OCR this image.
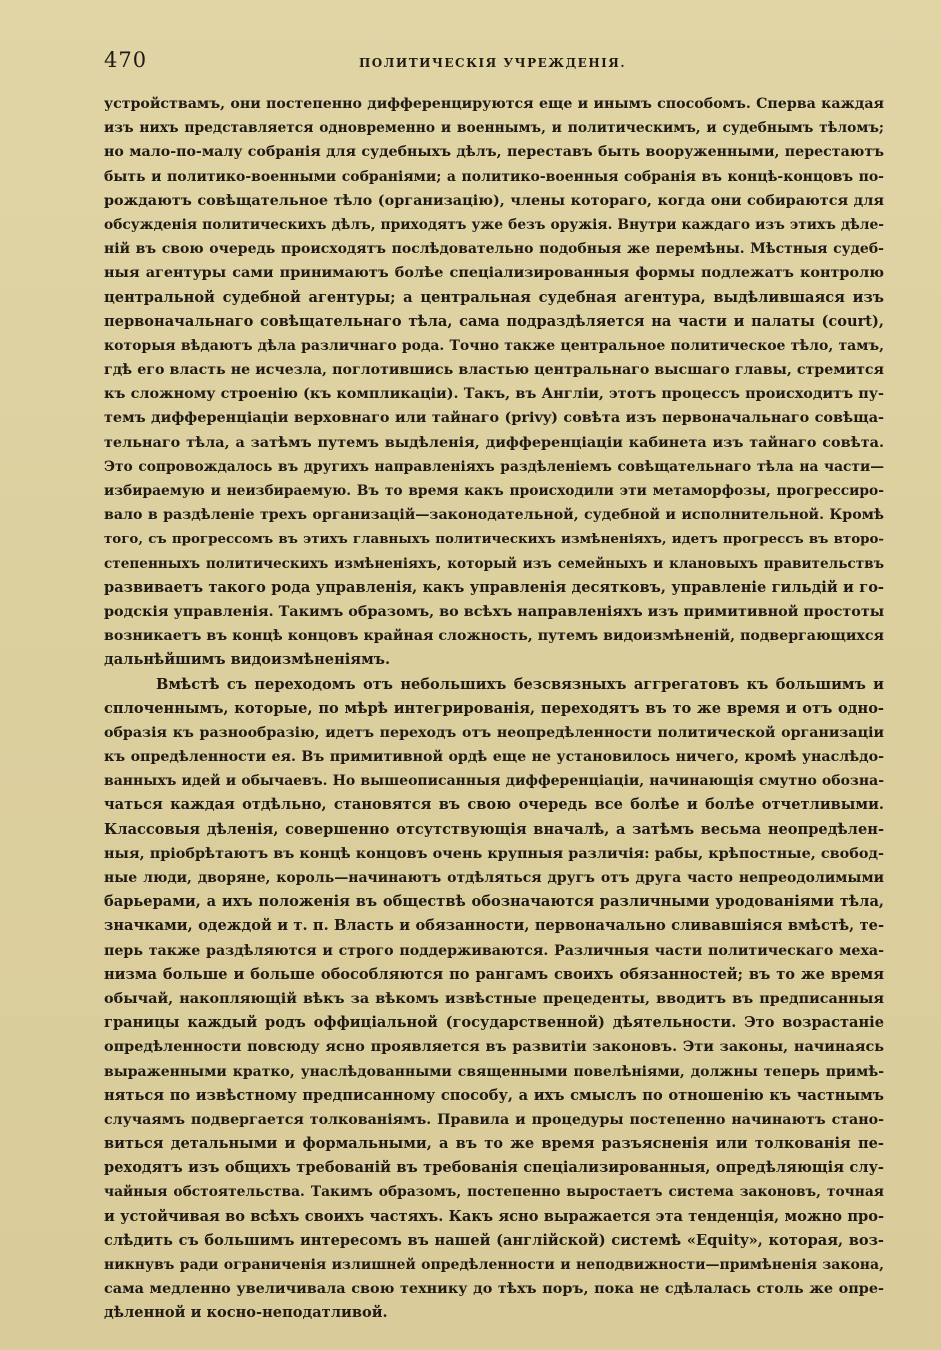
470	ПОЛИТИЧЕСКІЯ УЧРЕЖДЕНІЯ.
устройствамъ, они постепенно дифференцируются еще и инымъ способомъ. Сперва каждая
изъ нихъ представляется одновременно и военнымъ, и политическимъ, и судебнымъ тѣломъ;
но мало-по-малу собранія для судебныхъ дѣлъ, переставъ быть вооруженными, перестаютъ
быть и политико-военными собраніями; а политико-военныя собранія въ концѣ-концовъ по-
рождаютъ совѣщательное тѣло (организацію), члены котораго, когда они собираются для
обсужденія политическихъ дѣлъ, приходятъ уже безъ оружія. Внутри каждаго изъ этихъ дѣле-
ній въ свою очередь происходятъ послѣдовательно подобныя же перемѣны. Мѣстныя судеб-
ныя агентуры сами принимаютъ болѣе спеціализированныя формы подлежатъ контролю
центральной судебной агентуры; а центральная судебная агентура, выдѣлившаяся изъ
первоначальнаго совѣщательнаго тѣла, сама подраздѣляется на части и палаты (court),
которыя вѣдаютъ дѣла различнаго рода. Точно также центральное политическое тѣло, тамъ,
гдѣ его власть не исчезла, поглотившись властью центральнаго высшаго главы, стремится
къ сложному строенію (къ компликаціи). Такъ, въ Англіи, этотъ процессъ происходитъ пу-
темъ дифференціаціи верховнаго или тайнаго (privy) совѣта изъ первоначальнаго совѣща-
тельнаго тѣла, а затѣмъ путемъ выдѣленія, дифференціаціи кабинета изъ тайнаго совѣта.
Это сопровождалось въ другихъ направленіяхъ раздѣленіемъ совѣщательнаго тѣла на части—
избираемую и неизбираемую. Въ то время какъ происходили эти метаморфозы, прогрессиро-
вало в раздѣленіе трехъ организацій—законодательной, судебной и исполнительной. Кромѣ
того, съ прогрессомъ въ этихъ главныхъ политическихъ измѣненіяхъ, идетъ прогрессъ въ второ-
степенныхъ политическихъ измѣненіяхъ, который изъ семейныхъ и клановыхъ правительствъ
развиваетъ такого рода управленія, какъ управленія десятковъ, управленіе гильдій и го-
родскія управленія. Такимъ образомъ, во всѣхъ направленіяхъ изъ примитивной простоты
возникаетъ въ концѣ концовъ крайная сложность, путемъ видоизмѣненій, подвергающихся
дальнѣйшимъ видоизмѣненіямъ.
Вмѣстѣ съ переходомъ отъ небольшихъ безсвязныхъ аггрегатовъ къ большимъ и
сплоченнымъ, которые, по мѣрѣ интегрированія, переходятъ въ то же время и отъ одно-
образія къ разнообразію, идетъ переходъ отъ неопредѣленности политической организаціи
къ опредѣленности ея. Въ примитивной ордѣ еще не установилось ничего, кромѣ унаслѣдо-
ванныхъ идей и обычаевъ. Но вышеописанныя дифференціаціи, начинающія смутно обозна-
чаться каждая отдѣльно, становятся въ свою очередь все болѣе и болѣе отчетливыми.
Классовыя дѣленія, совершенно отсутствующія вначалѣ, а затѣмъ весьма неопредѣлен-
ныя, пріобрѣтаютъ въ концѣ концовъ очень крупныя различія: рабы, крѣпостные, свобод-
ные люди, дворяне, король—начинаютъ отдѣляться другъ отъ друга часто непреодолимыми
барьерами, а ихъ положенія въ обществѣ обозначаются различными уродованіями тѣла,
значками, одеждой и т. п. Власть и обязанности, первоначально сливавшіяся вмѣстѣ, те-
перь также раздѣляются и строго поддерживаются. Различныя части политическаго меха-
низма больше и больше обособляются по рангамъ своихъ обязанностей; въ то же время
обычай, накопляющій вѣкъ за вѣкомъ извѣстные прецеденты, вводитъ въ предписанныя
границы каждый родъ оффиціальной (государственной) дѣятельности. Это возрастаніе
опредѣленности повсюду ясно проявляется въ развитіи законовъ. Эти законы, начинаясь
выраженными кратко, унаслѣдованными священными повелѣніями, должны теперь примѣ-
няться по извѣстному предписанному способу, а ихъ смыслъ по отношенію къ частнымъ
случаямъ подвергается толкованіямъ. Правила и процедуры постепенно начинаютъ стано-
виться детальными и формальными, а въ то же время разъясненія или толкованія пе-
реходятъ изъ общихъ требованій въ требованія спеціализированныя, опредѣляющія слу-
чайныя обстоятельства. Такимъ образомъ, постепенно выростаетъ система законовъ, точная
и устойчивая во всѣхъ своихъ частяхъ. Какъ ясно выражается эта тенденція, можно про-
слѣдить съ большимъ интересомъ въ нашей (англійской) системѣ «Equity», которая, воз-
никнувъ ради ограниченія излишней опредѣленности и неподвижности—примѣненія закона,
сама медленно увеличивала свою технику до тѣхъ поръ, пока не сдѣлалась столь же опре-
дѣленной и косно-неподатливой.
